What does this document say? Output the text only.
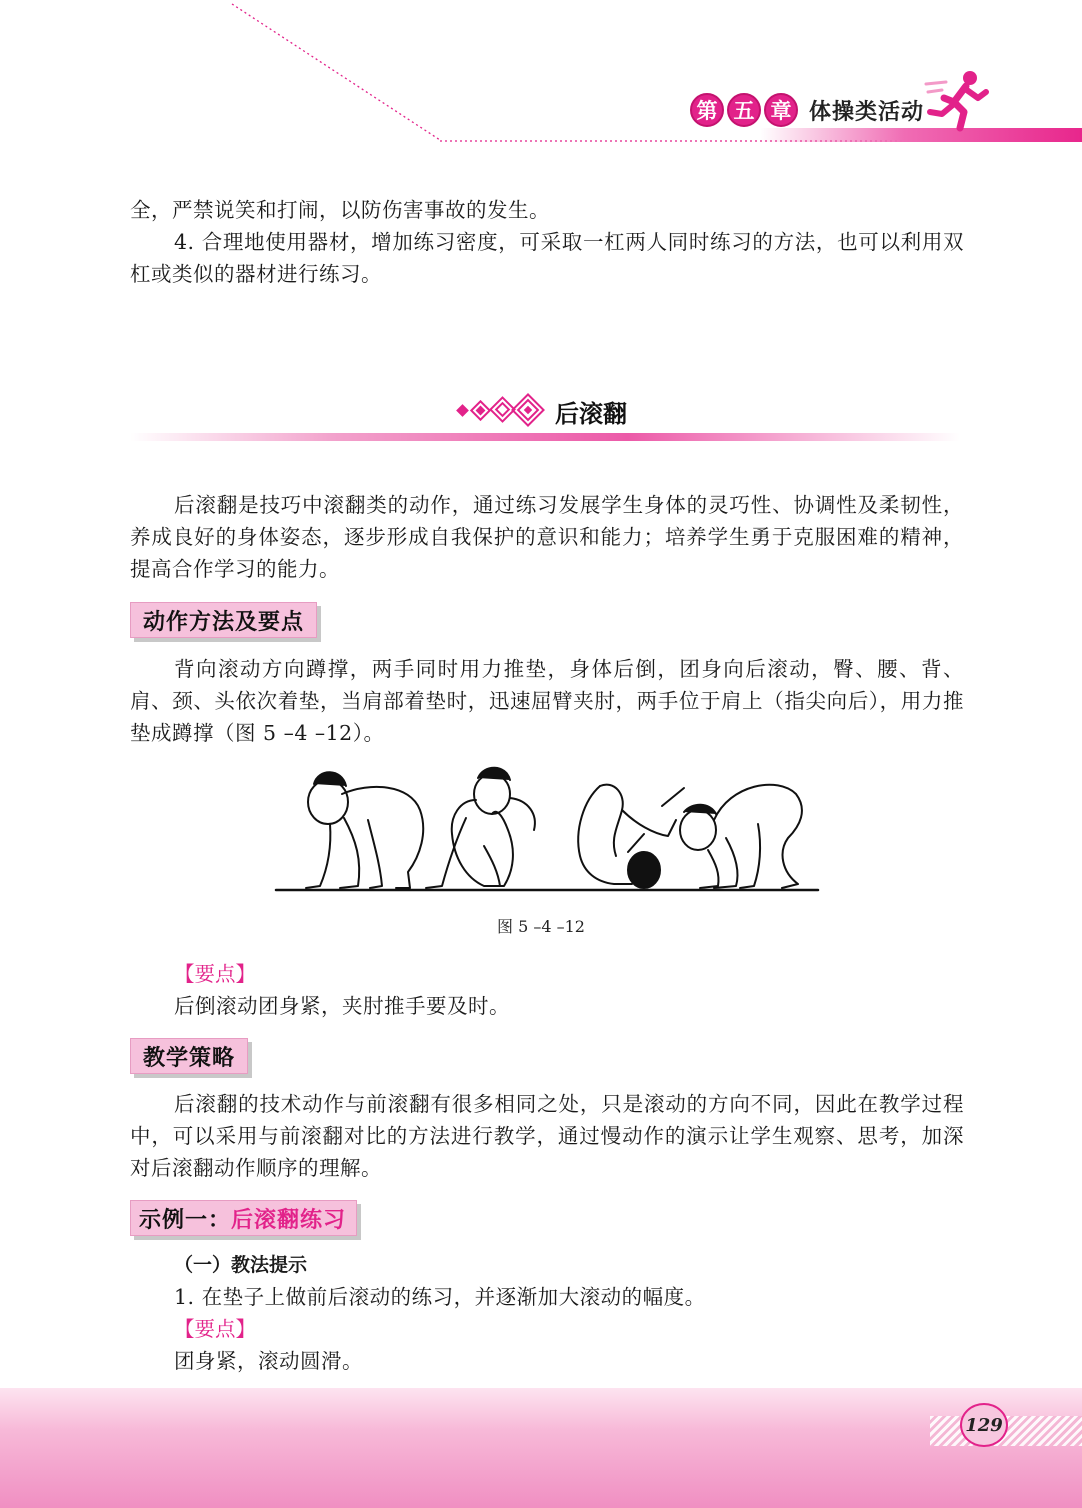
第 五 章 体操类活动
全，严禁说笑和打闹，以防伤害事故的发生。
4. 合理地使用器材，增加练习密度，可采取一杠两人同时练习的方法，也可以利用双杠或类似的器材进行练习。
后滚翻
后滚翻是技巧中滚翻类的动作，通过练习发展学生身体的灵巧性、协调性及柔韧性，养成良好的身体姿态，逐步形成自我保护的意识和能力；培养学生勇于克服困难的精神，提高合作学习的能力。
动作方法及要点
背向滚动方向蹲撑，两手同时用力推垫，身体后倒，团身向后滚动，臀、腰、背、肩、颈、头依次着垫，当肩部着垫时，迅速屈臂夹肘，两手位于肩上（指尖向后），用力推垫成蹲撑（图 5 –4 –12）。
图 5 –4 –12
【要点】
后倒滚动团身紧，夹肘推手要及时。
教学策略
后滚翻的技术动作与前滚翻有很多相同之处，只是滚动的方向不同，因此在教学过程中，可以采用与前滚翻对比的方法进行教学，通过慢动作的演示让学生观察、思考，加深对后滚翻动作顺序的理解。
示例一： 后滚翻练习
（一）教法提示
1. 在垫子上做前后滚动的练习，并逐渐加大滚动的幅度。
【要点】
团身紧，滚动圆滑。
129
